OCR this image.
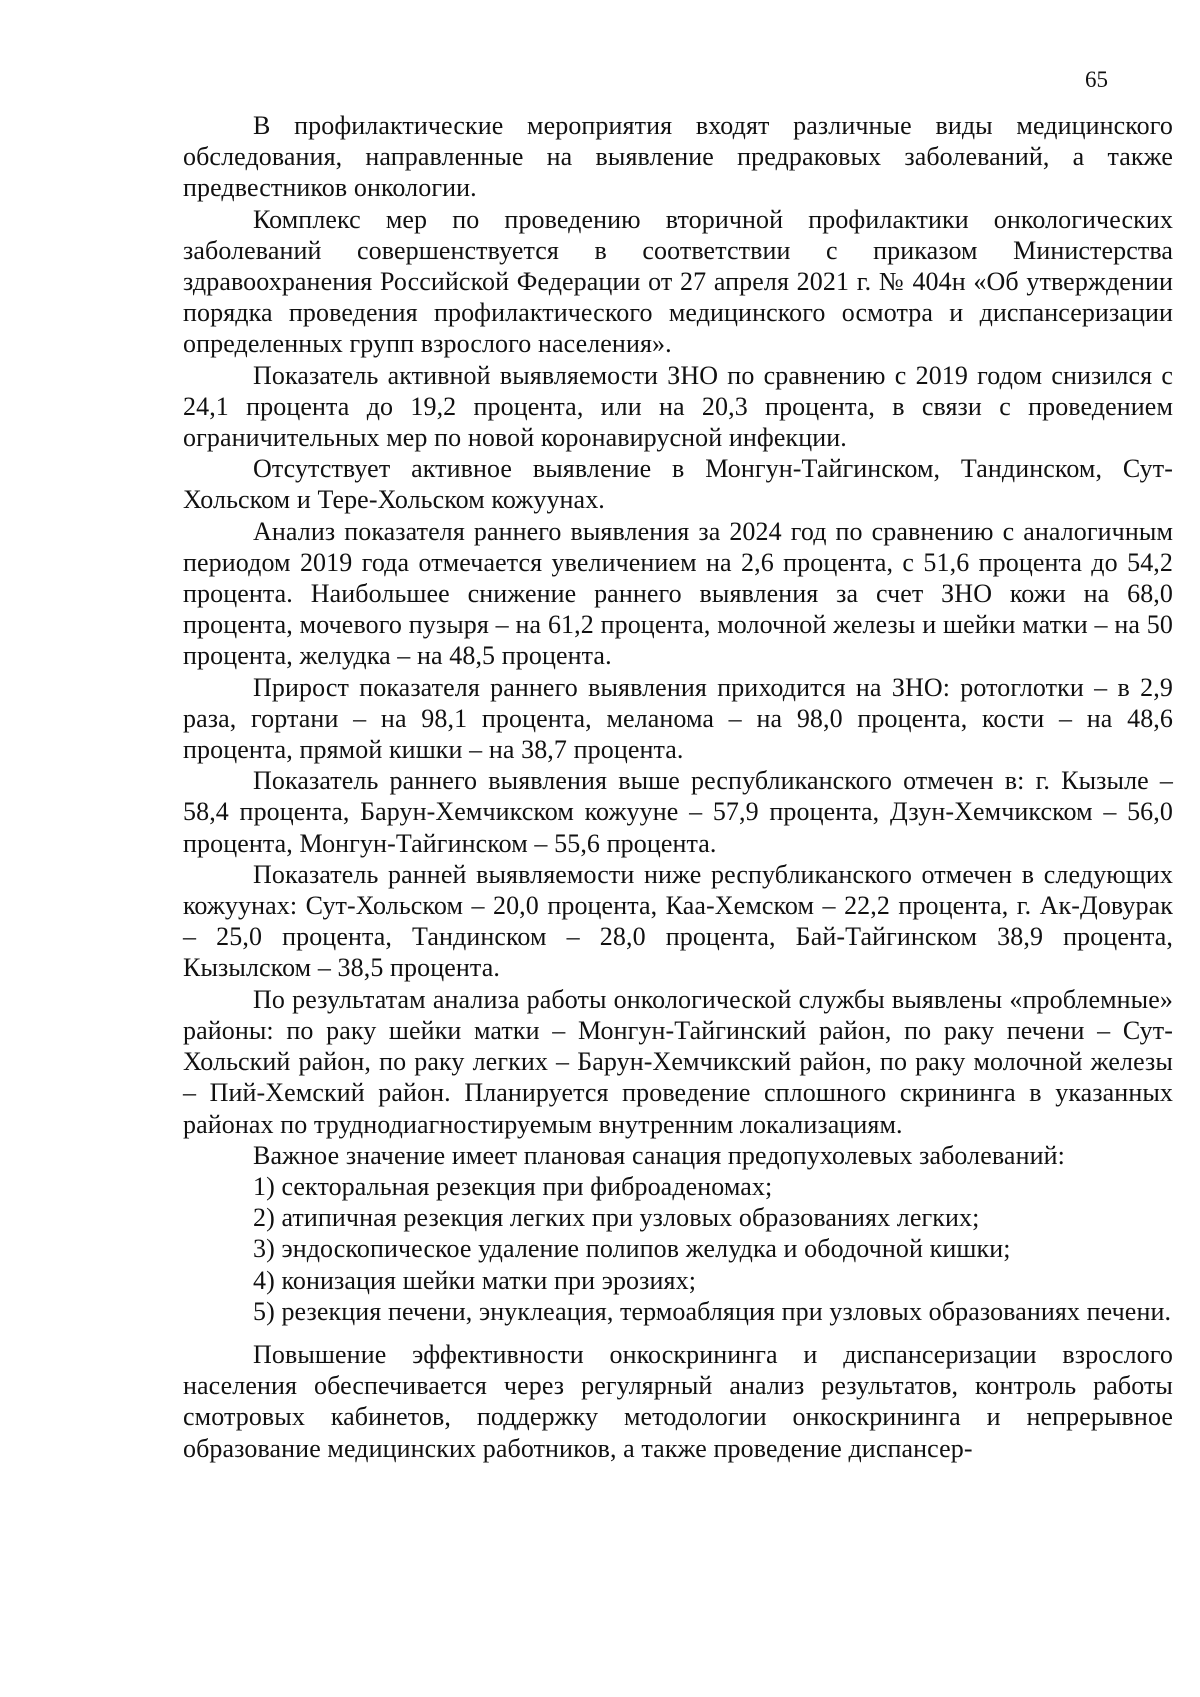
65

В профилактические мероприятия входят различные виды медицинского обследования, направленные на выявление предраковых заболеваний, а также предвестников онкологии.

Комплекс мер по проведению вторичной профилактики онкологических заболеваний совершенствуется в соответствии с приказом Министерства здравоохранения Российской Федерации от 27 апреля 2021 г. № 404н «Об утверждении порядка проведения профилактического медицинского осмотра и диспансеризации определенных групп взрослого населения».

Показатель активной выявляемости ЗНО по сравнению с 2019 годом снизился с 24,1 процента до 19,2 процента, или на 20,3 процента, в связи с проведением ограничительных мер по новой коронавирусной инфекции.

Отсутствует активное выявление в Монгун-Тайгинском, Тандинском, Сут-Хольском и Тере-Хольском кожуунах.

Анализ показателя раннего выявления за 2024 год по сравнению с аналогичным периодом 2019 года отмечается увеличением на 2,6 процента, с 51,6 процента до 54,2 процента. Наибольшее снижение раннего выявления за счет ЗНО кожи на 68,0 процента, мочевого пузыря – на 61,2 процента, молочной железы и шейки матки – на 50 процента, желудка – на 48,5 процента.

Прирост показателя раннего выявления приходится на ЗНО: ротоглотки – в 2,9 раза, гортани – на 98,1 процента, меланома – на 98,0 процента, кости – на 48,6 процента, прямой кишки – на 38,7 процента.

Показатель раннего выявления выше республиканского отмечен в: г. Кызыле – 58,4 процента, Барун-Хемчикском кожууне – 57,9 процента, Дзун-Хемчикском – 56,0 процента, Монгун-Тайгинском – 55,6 процента.

Показатель ранней выявляемости ниже республиканского отмечен в следующих кожуунах: Сут-Хольском – 20,0 процента, Каа-Хемском – 22,2 процента, г. Ак-Довурак – 25,0 процента, Тандинском – 28,0 процента, Бай-Тайгинском 38,9 процента, Кызылском – 38,5 процента.

По результатам анализа работы онкологической службы выявлены «проблемные» районы: по раку шейки матки – Монгун-Тайгинский район, по раку печени – Сут-Хольский район, по раку легких – Барун-Хемчикский район, по раку молочной железы – Пий-Хемский район. Планируется проведение сплошного скрининга в указанных районах по труднодиагностируемым внутренним локализациям.

Важное значение имеет плановая санация предопухолевых заболеваний:

1) секторальная резекция при фиброаденомах;

2) атипичная резекция легких при узловых образованиях легких;

3) эндоскопическое удаление полипов желудка и ободочной кишки;

4) конизация шейки матки при эрозиях;

5) резекция печени, энуклеация, термоабляция при узловых образованиях печени.

Повышение эффективности онкоскрининга и диспансеризации взрослого населения обеспечивается через регулярный анализ результатов, контроль работы смотровых кабинетов, поддержку методологии онкоскрининга и непрерывное образование медицинских работников, а также проведение диспансер-
